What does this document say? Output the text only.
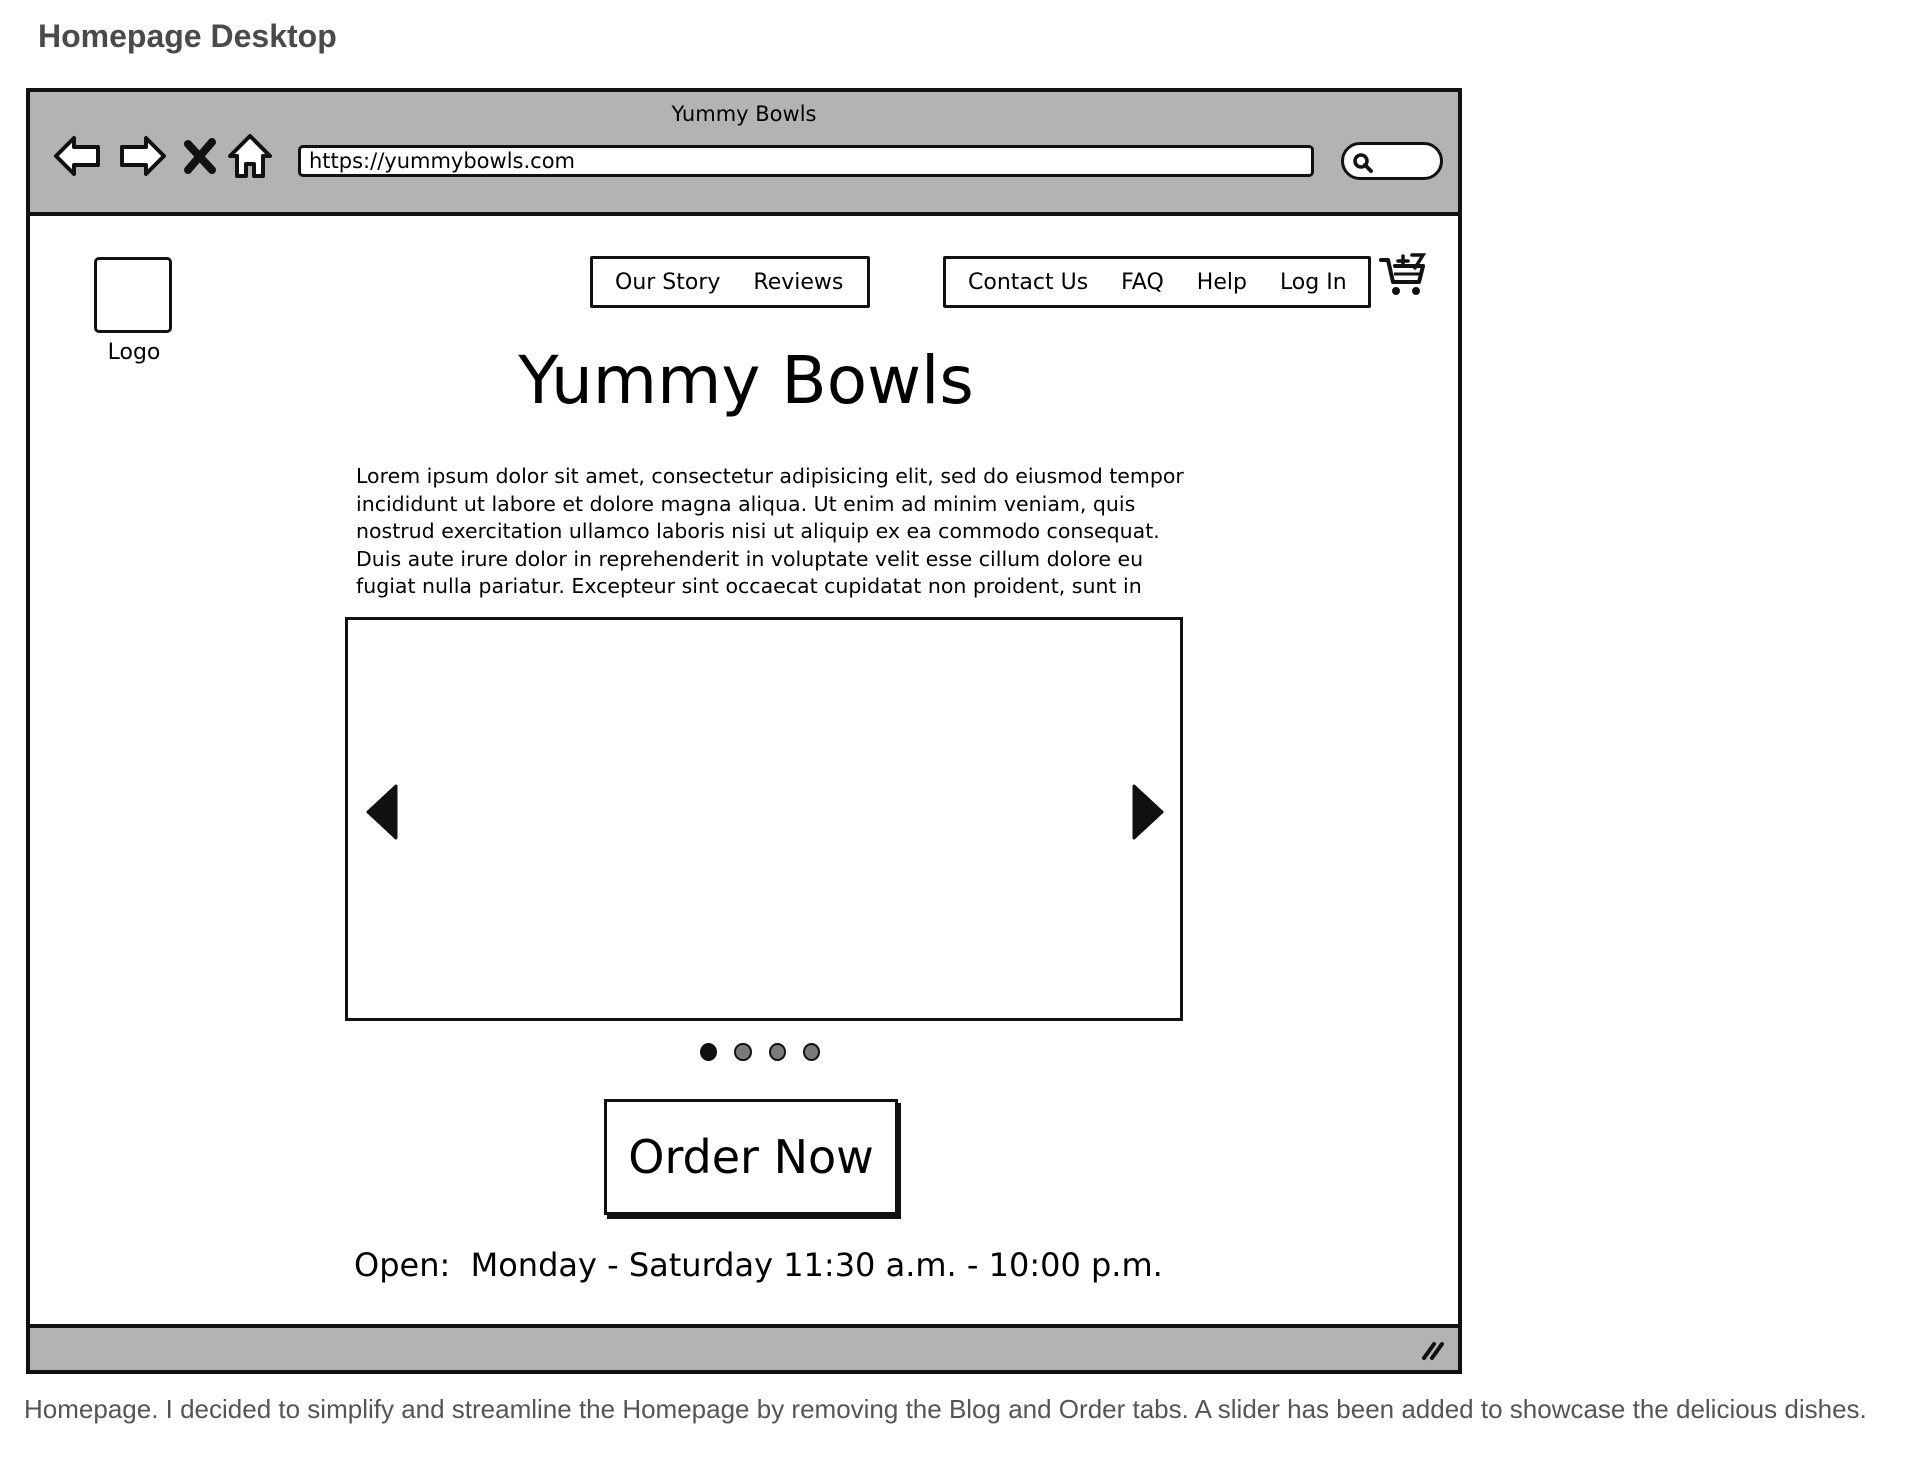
Homepage Desktop
Yummy Bowls
https://yummybowls.com
Logo
Our Story Reviews	Contact Us FAQ Help Log In
Yummy Bowls

Lorem ipsum dolor sit amet, consectetur adipisicing elit, sed do eiusmod tempor incididunt ut labore et dolore magna aliqua. Ut enim ad minim veniam, quis nostrud exercitation ullamco laboris nisi ut aliquip ex ea commodo consequat. Duis aute irure dolor in reprehenderit in voluptate velit esse cillum dolore eu fugiat nulla pariatur. Excepteur sint occaecat cupidatat non proident, sunt in

Order Now
Open:  Monday - Saturday 11:30 a.m. - 10:00 p.m.
Homepage. I decided to simplify and streamline the Homepage by removing the Blog and Order tabs. A slider has been added to showcase the delicious dishes.
